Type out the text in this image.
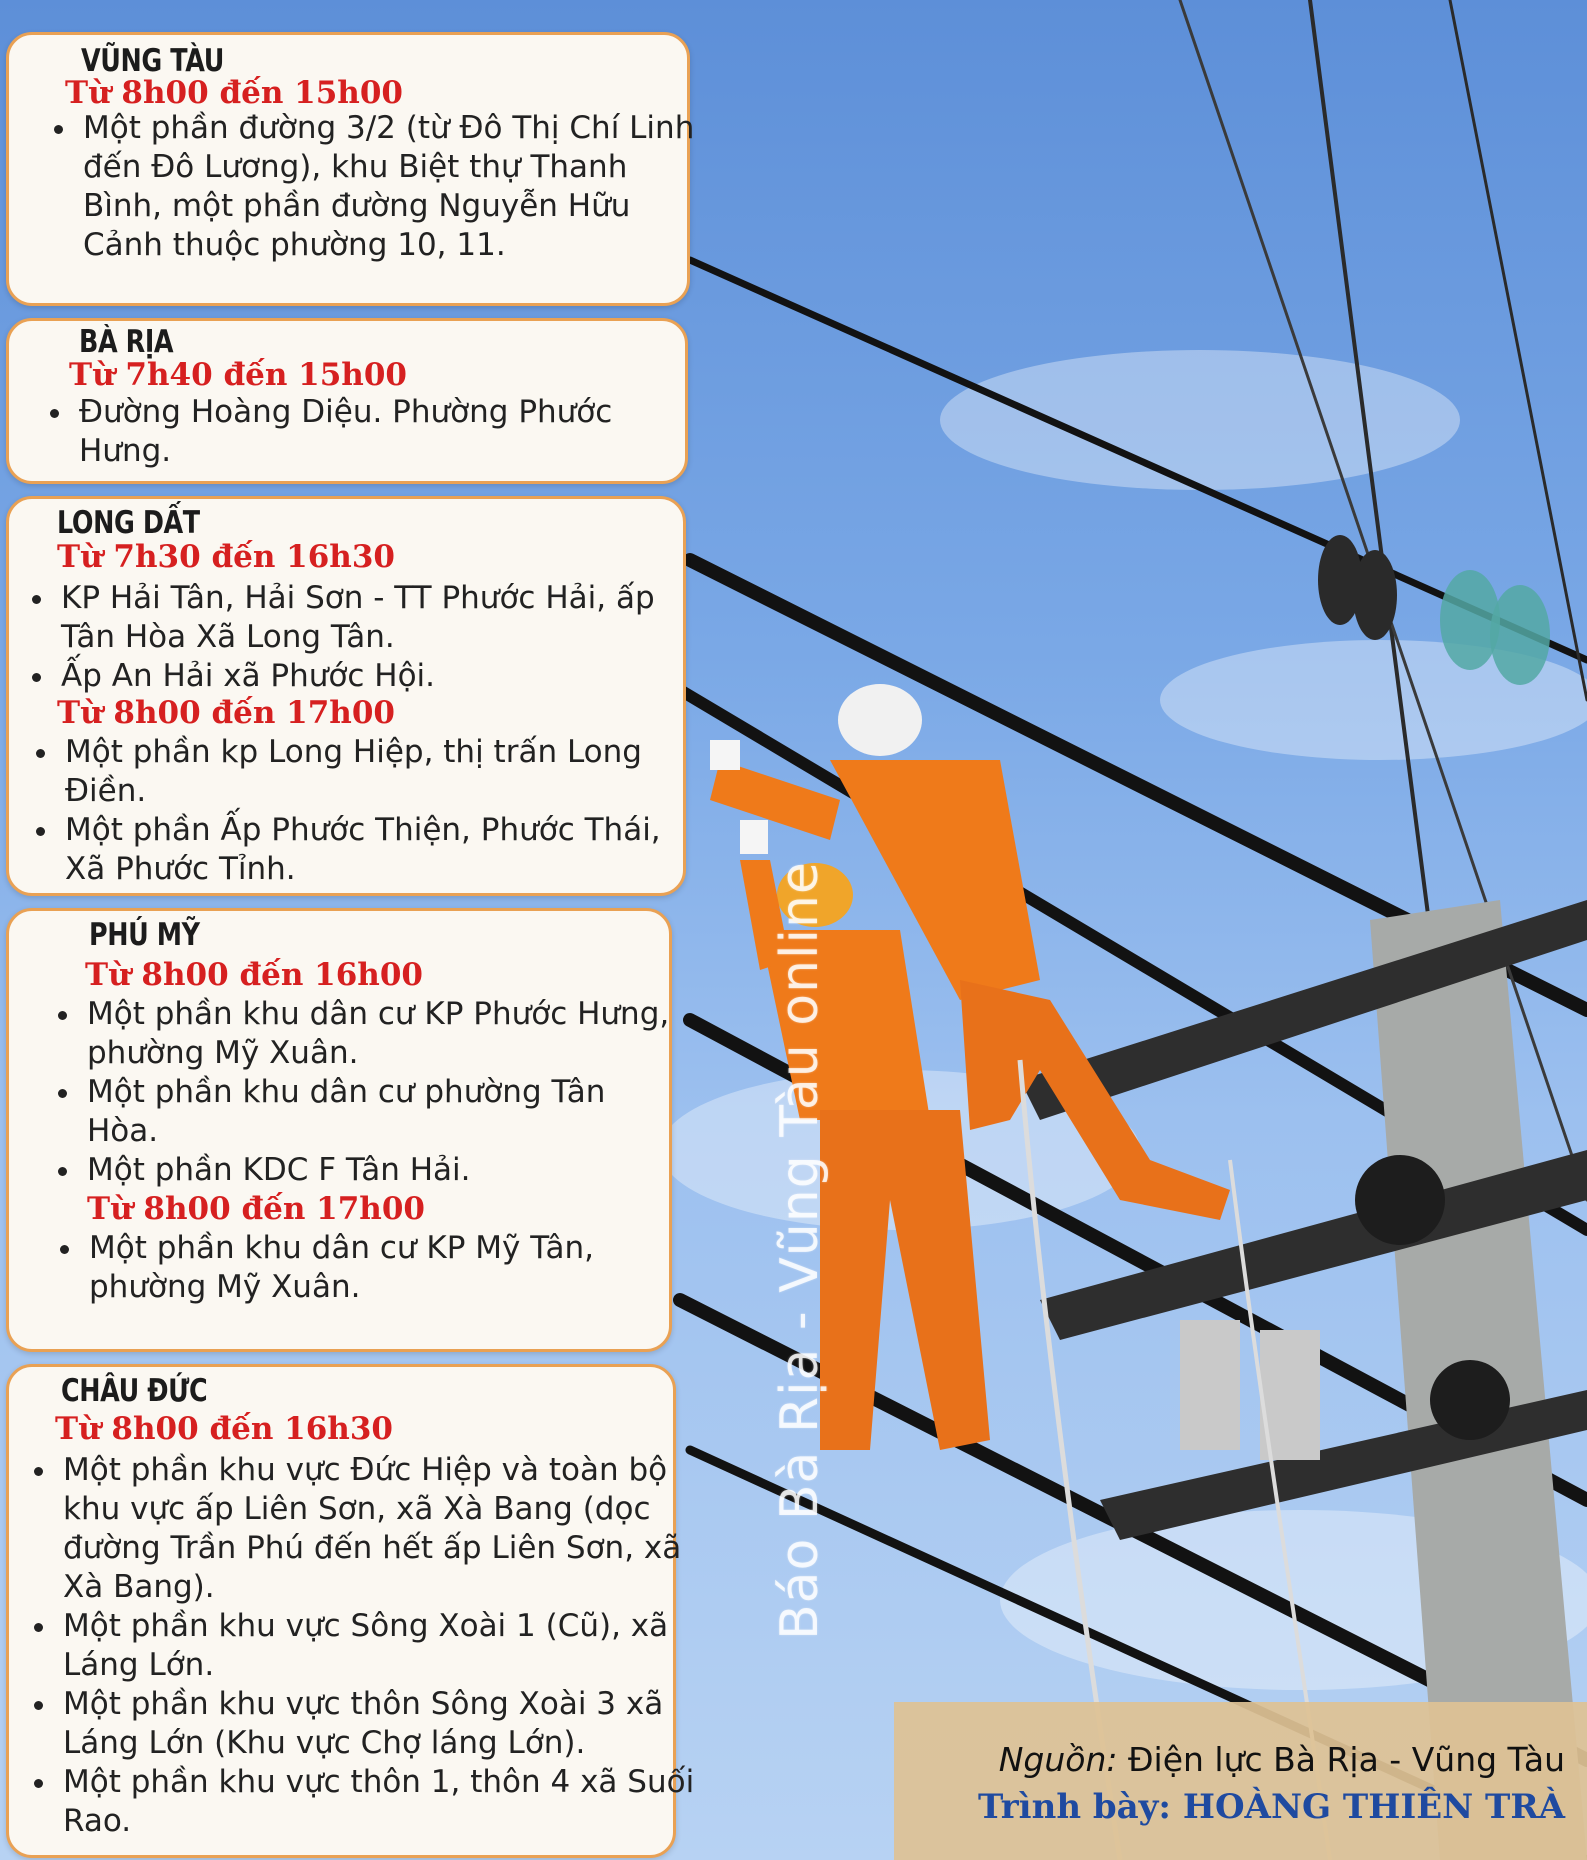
Báo Bà Rịa - Vũng Tàu online
VŨNG TÀU
Từ 8h00 đến 15h00
• Một phần đường 3/2 (từ Đô Thị Chí Linh đến Đô Lương), khu Biệt thự Thanh Bình, một phần đường Nguyễn Hữu Cảnh thuộc phường 10, 11.
BÀ RỊA
Từ 7h40 đến 15h00
• Đường Hoàng Diệu. Phường Phước Hưng.
LONG DẤT
Từ 7h30 đến 16h30
• KP Hải Tân, Hải Sơn - TT Phước Hải, ấp Tân Hòa Xã Long Tân.
• Ấp An Hải xã Phước Hội.
Từ 8h00 đến 17h00
• Một phần kp Long Hiệp, thị trấn Long Điền.
• Một phần Ấp Phước Thiện, Phước Thái, Xã Phước Tỉnh.
PHÚ MỸ
Từ 8h00 đến 16h00
• Một phần khu dân cư KP Phước Hưng, phường Mỹ Xuân.
• Một phần khu dân cư phường Tân Hòa.
• Một phần KDC F Tân Hải.
Từ 8h00 đến 17h00
• Một phần khu dân cư KP Mỹ Tân, phường Mỹ Xuân.
CHÂU ĐỨC
Từ 8h00 đến 16h30
• Một phần khu vực Đức Hiệp và toàn bộ khu vực ấp Liên Sơn, xã Xà Bang (dọc đường Trần Phú đến hết ấp Liên Sơn, xã Xà Bang).
• Một phần khu vực Sông Xoài 1 (Cũ), xã Láng Lớn.
• Một phần khu vực thôn Sông Xoài 3 xã Láng Lớn (Khu vực Chợ láng Lớn).
• Một phần khu vực thôn 1, thôn 4 xã Suối Rao.
Nguồn: Điện lực Bà Rịa - Vũng Tàu
Trình bày: HOÀNG THIÊN TRÀ
